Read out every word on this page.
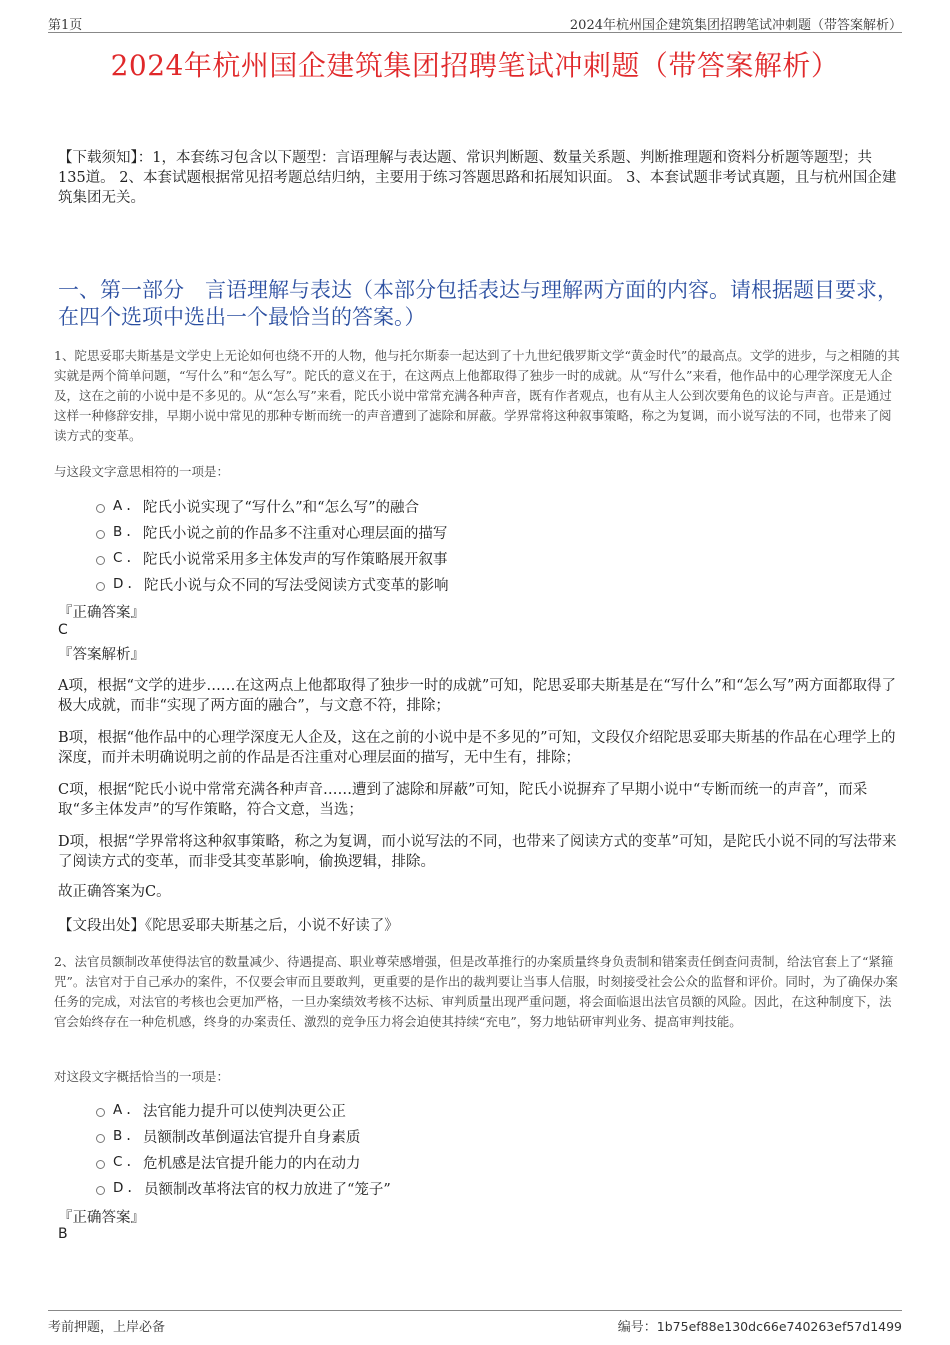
第1页	2024年杭州国企建筑集团招聘笔试冲刺题（带答案解析）
2024年杭州国企建筑集团招聘笔试冲刺题（带答案解析）
【下载须知】：1，本套练习包含以下题型：言语理解与表达题、常识判断题、数量关系题、判断推理题和资料分析题等题型；共135道。 2、本套试题根据常见招考题总结归纳，主要用于练习答题思路和拓展知识面。 3、本套试题非考试真题，且与杭州国企建筑集团无关。
一、第一部分　言语理解与表达（本部分包括表达与理解两方面的内容。请根据题目要求，在四个选项中选出一个最恰当的答案。）
1、陀思妥耶夫斯基是文学史上无论如何也绕不开的人物，他与托尔斯泰一起达到了十九世纪俄罗斯文学“黄金时代”的最高点。文学的进步，与之相随的其实就是两个简单问题，“写什么”和“怎么写”。陀氏的意义在于，在这两点上他都取得了独步一时的成就。从“写什么”来看，他作品中的心理学深度无人企及，这在之前的小说中是不多见的。从“怎么写”来看，陀氏小说中常常充满各种声音，既有作者观点，也有从主人公到次要角色的议论与声音。正是通过这样一种修辞安排，早期小说中常见的那种专断而统一的声音遭到了滤除和屏蔽。学界常将这种叙事策略，称之为复调，而小说写法的不同，也带来了阅读方式的变革。
与这段文字意思相符的一项是：
A . 陀氏小说实现了“写什么”和“怎么写”的融合
B . 陀氏小说之前的作品多不注重对心理层面的描写
C . 陀氏小说常采用多主体发声的写作策略展开叙事
D . 陀氏小说与众不同的写法受阅读方式变革的影响
『正确答案』
C
『答案解析』
A项，根据“文学的进步……在这两点上他都取得了独步一时的成就”可知，陀思妥耶夫斯基是在“写什么”和“怎么写”两方面都取得了极大成就，而非“实现了两方面的融合”，与文意不符，排除；
B项，根据“他作品中的心理学深度无人企及，这在之前的小说中是不多见的”可知，文段仅介绍陀思妥耶夫斯基的作品在心理学上的深度，而并未明确说明之前的作品是否注重对心理层面的描写，无中生有，排除；
C项，根据“陀氏小说中常常充满各种声音……遭到了滤除和屏蔽”可知，陀氏小说摒弃了早期小说中“专断而统一的声音”，而采取“多主体发声”的写作策略，符合文意，当选；
D项，根据“学界常将这种叙事策略，称之为复调，而小说写法的不同，也带来了阅读方式的变革”可知，是陀氏小说不同的写法带来了阅读方式的变革，而非受其变革影响，偷换逻辑，排除。
故正确答案为C。
【文段出处】《陀思妥耶夫斯基之后，小说不好读了》
2、法官员额制改革使得法官的数量减少、待遇提高、职业尊荣感增强，但是改革推行的办案质量终身负责制和错案责任倒查问责制，给法官套上了“紧箍咒”。法官对于自己承办的案件，不仅要会审而且要敢判，更重要的是作出的裁判要让当事人信服，时刻接受社会公众的监督和评价。同时，为了确保办案任务的完成，对法官的考核也会更加严格，一旦办案绩效考核不达标、审判质量出现严重问题，将会面临退出法官员额的风险。因此，在这种制度下，法官会始终存在一种危机感，终身的办案责任、激烈的竞争压力将会迫使其持续“充电”，努力地钻研审判业务、提高审判技能。
对这段文字概括恰当的一项是：
A . 法官能力提升可以使判决更公正
B . 员额制改革倒逼法官提升自身素质
C . 危机感是法官提升能力的内在动力
D . 员额制改革将法官的权力放进了“笼子”
『正确答案』
B
考前押题，上岸必备	编号：1b75ef88e130dc66e740263ef57d1499
